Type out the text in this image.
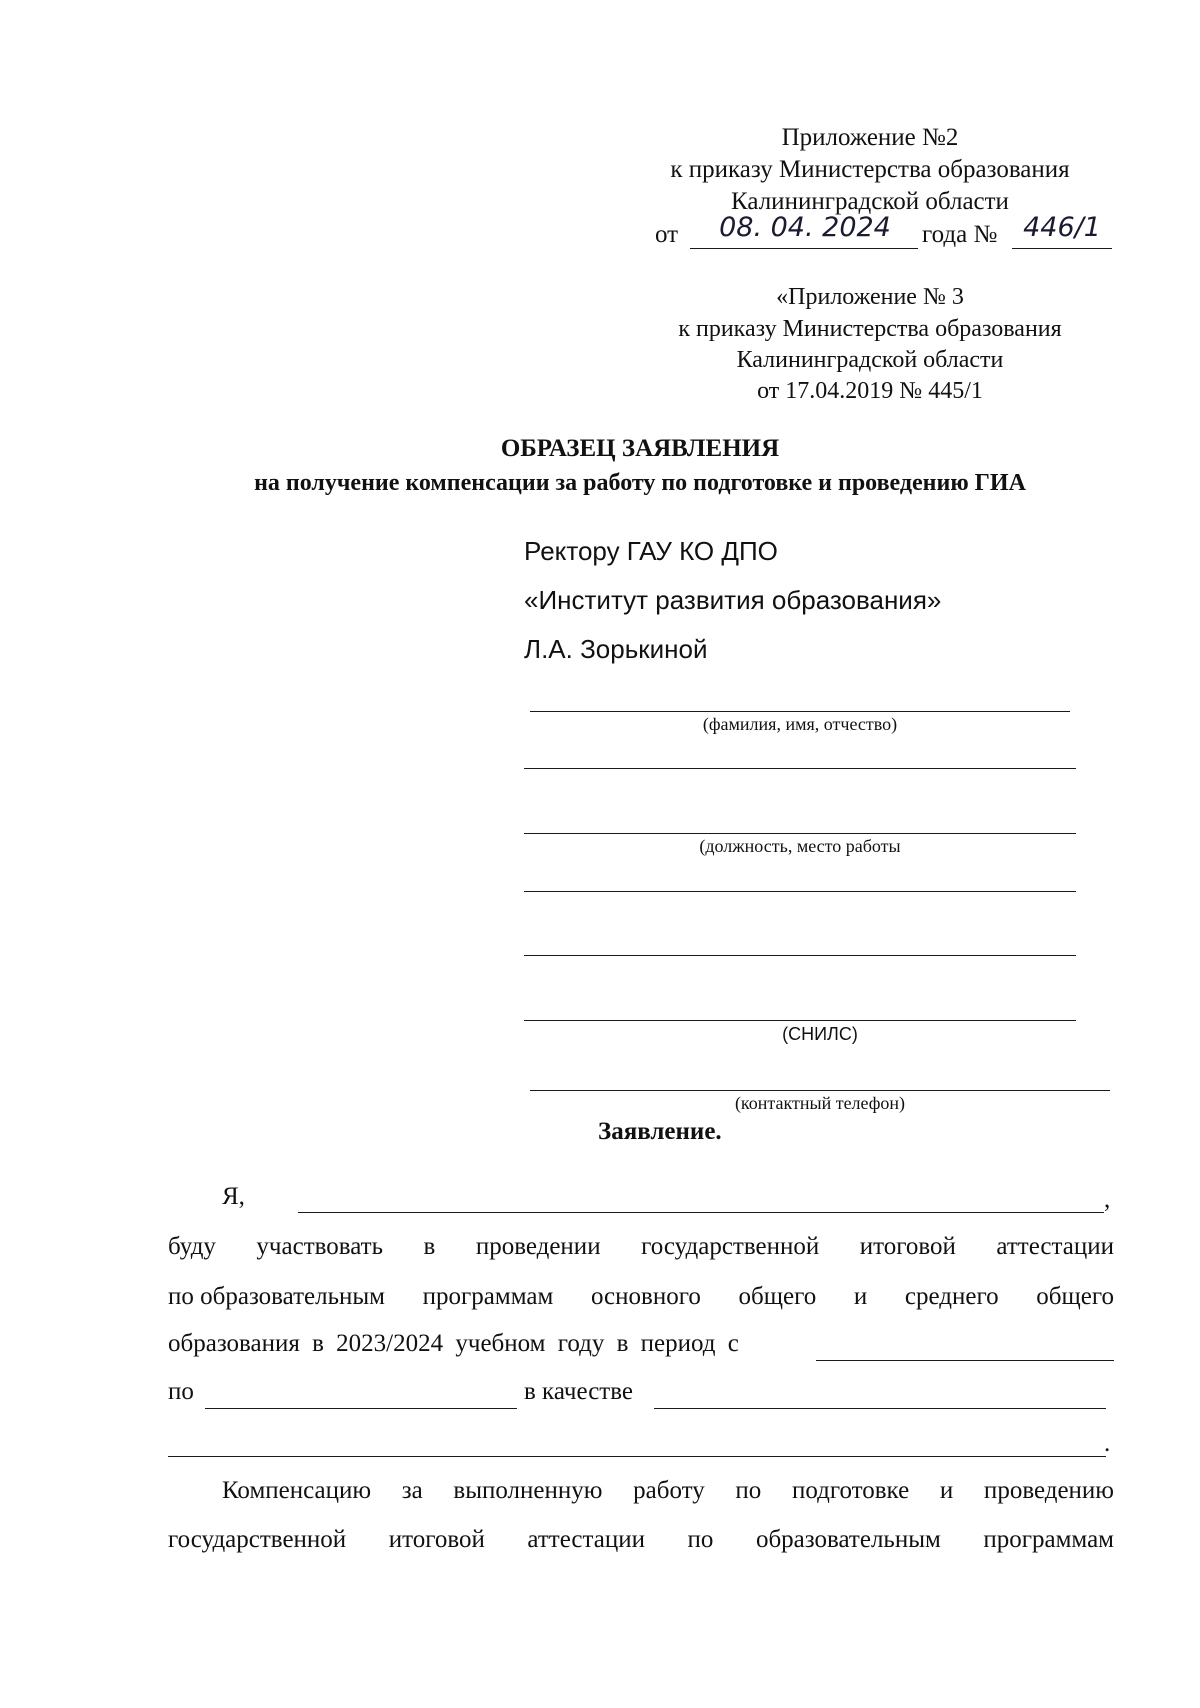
Приложение №2
к приказу Министерства образования
Калининградской области
от	08. 04. 2024	года № 446/1
«Приложение № 3
к приказу Министерства образования
Калининградской области
от 17.04.2019 № 445/1
ОБРАЗЕЦ ЗАЯВЛЕНИЯ
на получение компенсации за работу по подготовке и проведению ГИА
Ректору ГАУ КО ДПО
«Институт развития образования»
Л.А. Зорькиной
(фамилия, имя, отчество)
(должность, место работы
(СНИЛС)
(контактный телефон)
Заявление.
Я,	,
буду участвовать в проведении государственной итоговой аттестации
по образовательным программам основного общего и среднего общего
образования в 2023/2024 учебном году в период с
по	в качестве
.
Компенсацию за выполненную работу по подготовке и проведению
государственной итоговой аттестации по образовательным программам
